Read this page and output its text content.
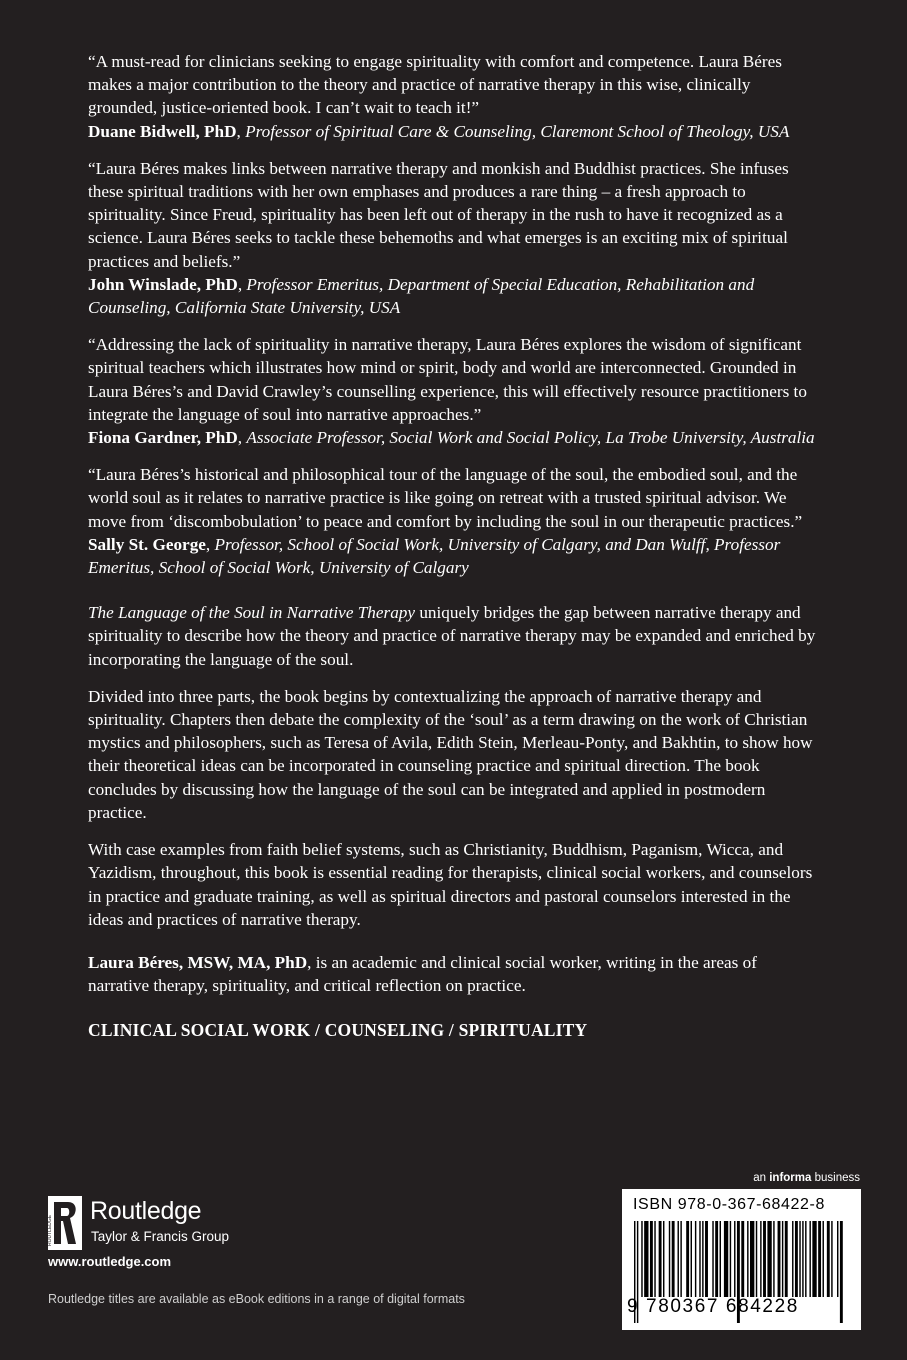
“A must-read for clinicians seeking to engage spirituality with comfort and competence. Laura Béres makes a major contribution to the theory and practice of narrative therapy in this wise, clinically grounded, justice-oriented book. I can’t wait to teach it!”
Duane Bidwell, PhD, Professor of Spiritual Care & Counseling, Claremont School of Theology, USA
“Laura Béres makes links between narrative therapy and monkish and Buddhist practices. She infuses these spiritual traditions with her own emphases and produces a rare thing – a fresh approach to spirituality. Since Freud, spirituality has been left out of therapy in the rush to have it recognized as a science. Laura Béres seeks to tackle these behemoths and what emerges is an exciting mix of spiritual practices and beliefs.”
John Winslade, PhD, Professor Emeritus, Department of Special Education, Rehabilitation and Counseling, California State University, USA
“Addressing the lack of spirituality in narrative therapy, Laura Béres explores the wisdom of significant spiritual teachers which illustrates how mind or spirit, body and world are interconnected. Grounded in Laura Béres’s and David Crawley’s counselling experience, this will effectively resource practitioners to integrate the language of soul into narrative approaches.”
Fiona Gardner, PhD, Associate Professor, Social Work and Social Policy, La Trobe University, Australia
“Laura Béres’s historical and philosophical tour of the language of the soul, the embodied soul, and the world soul as it relates to narrative practice is like going on retreat with a trusted spiritual advisor. We move from ‘discombobulation’ to peace and comfort by including the soul in our therapeutic practices.”
Sally St. George, Professor, School of Social Work, University of Calgary, and Dan Wulff, Professor Emeritus, School of Social Work, University of Calgary
The Language of the Soul in Narrative Therapy uniquely bridges the gap between narrative therapy and spirituality to describe how the theory and practice of narrative therapy may be expanded and enriched by incorporating the language of the soul.
Divided into three parts, the book begins by contextualizing the approach of narrative therapy and spirituality. Chapters then debate the complexity of the ‘soul’ as a term drawing on the work of Christian mystics and philosophers, such as Teresa of Avila, Edith Stein, Merleau-Ponty, and Bakhtin, to show how their theoretical ideas can be incorporated in counseling practice and spiritual direction. The book concludes by discussing how the language of the soul can be integrated and applied in postmodern practice.
With case examples from faith belief systems, such as Christianity, Buddhism, Paganism, Wicca, and Yazidism, throughout, this book is essential reading for therapists, clinical social workers, and counselors in practice and graduate training, as well as spiritual directors and pastoral counselors interested in the ideas and practices of narrative therapy.
Laura Béres, MSW, MA, PhD, is an academic and clinical social worker, writing in the areas of narrative therapy, spirituality, and critical reflection on practice.
CLINICAL SOCIAL WORK / COUNSELING / SPIRITUALITY
ROUTLEDGE
Routledge
Taylor & Francis Group
www.routledge.com
Routledge titles are available as eBook editions in a range of digital formats
an informa business
ISBN 978-0-367-68422-8
9 780367 684228
